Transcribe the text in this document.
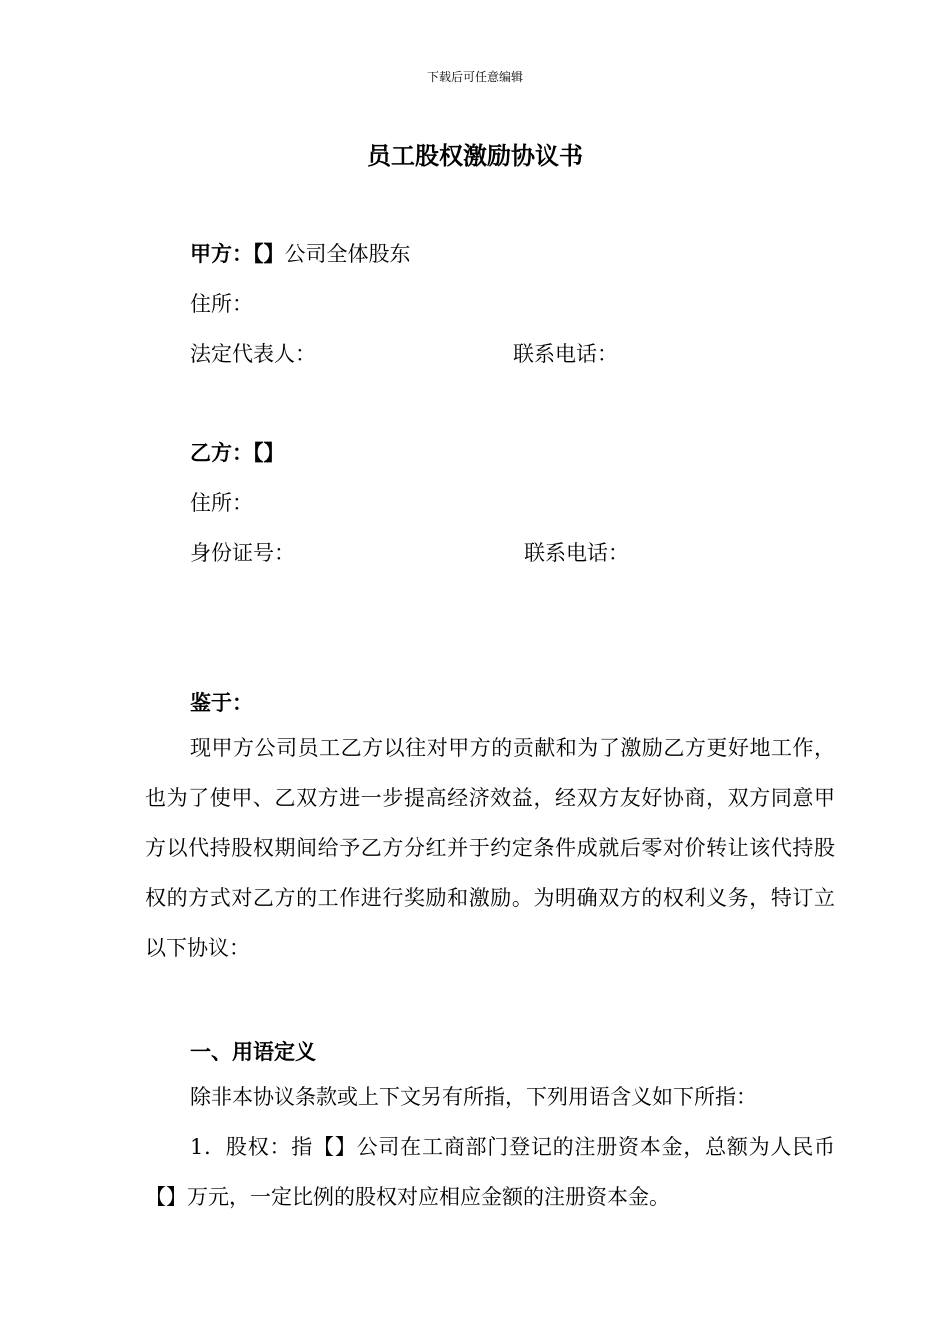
下载后可任意编辑
员工股权激励协议书
甲方：【】公司全体股东
住所：
法定代表人：	联系电话：
乙方：【】
住所：
身份证号：	联系电话：
鉴于：
现甲方公司员工乙方以往对甲方的贡献和为了激励乙方更好地工作，也为了使甲、乙双方进一步提高经济效益，经双方友好协商，双方同意甲方以代持股权期间给予乙方分红并于约定条件成就后零对价转让该代持股权的方式对乙方的工作进行奖励和激励。为明确双方的权利义务，特订立以下协议：
一、用语定义
除非本协议条款或上下文另有所指，下列用语含义如下所指：
1．股权：指【】公司在工商部门登记的注册资本金，总额为人民币【】万元，一定比例的股权对应相应金额的注册资本金。
